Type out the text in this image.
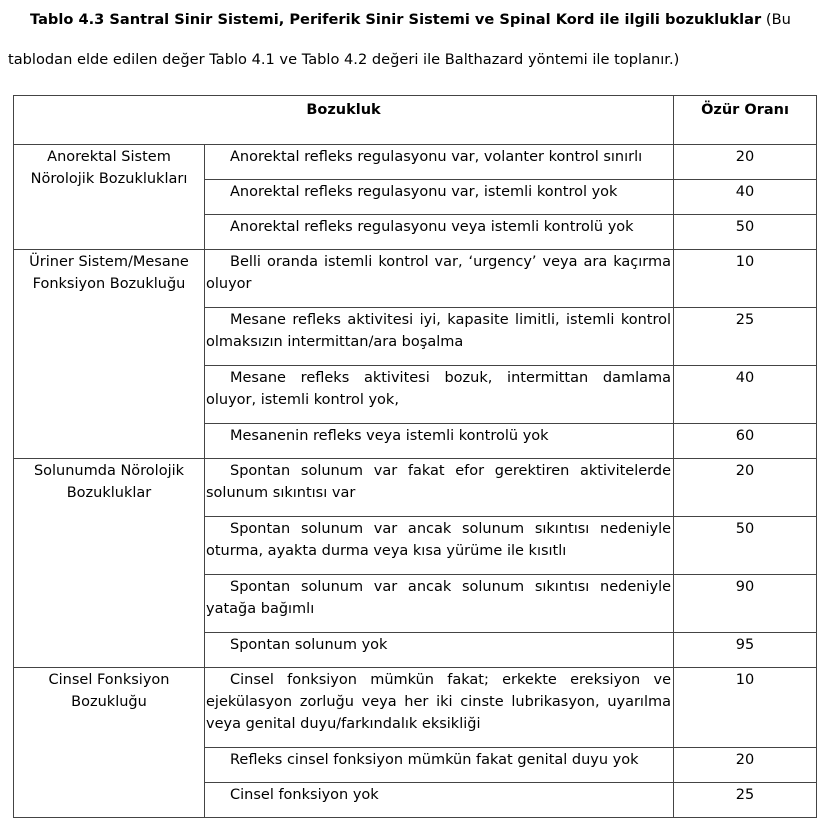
Tablo 4.3 Santral Sinir Sistemi, Periferik Sinir Sistemi ve Spinal Kord ile ilgili bozukluklar (Bu
tablodan elde edilen değer Tablo 4.1 ve Tablo 4.2 değeri ile Balthazard yöntemi ile toplanır.)
Bozukluk		Özür Oranı
Anorektal Sistem Nörolojik Bozuklukları	Anorektal refleks regulasyonu var, volanter kontrol sınırlı	20

	Anorektal refleks regulasyonu var, istemli kontrol yok	40

	Anorektal refleks regulasyonu veya istemli kontrolü yok	50
Üriner Sistem/Mesane Fonksiyon Bozukluğu	Belli oranda istemli kontrol var, ‘urgency’ veya ara kaçırma oluyor	10

	Mesane refleks aktivitesi iyi, kapasite limitli, istemli kontrol olmaksızın intermittan/ara boşalma	25

	Mesane refleks aktivitesi bozuk, intermittan damlama oluyor, istemli kontrol yok,	40

	Mesanenin refleks veya istemli kontrolü yok	60
Solunumda Nörolojik Bozukluklar	Spontan solunum var fakat efor gerektiren aktivitelerde solunum sıkıntısı var	20

	Spontan solunum var ancak solunum sıkıntısı nedeniyle oturma, ayakta durma veya kısa yürüme ile kısıtlı	50

	Spontan solunum var ancak solunum sıkıntısı nedeniyle yatağa bağımlı	90

	Spontan solunum yok	95
Cinsel Fonksiyon Bozukluğu	Cinsel fonksiyon mümkün fakat; erkekte ereksiyon ve ejekülasyon zorluğu veya her iki cinste lubrikasyon, uyarılma veya genital duyu/farkındalık eksikliği	10

	Refleks cinsel fonksiyon mümkün fakat genital duyu yok	20

	Cinsel fonksiyon yok	25
